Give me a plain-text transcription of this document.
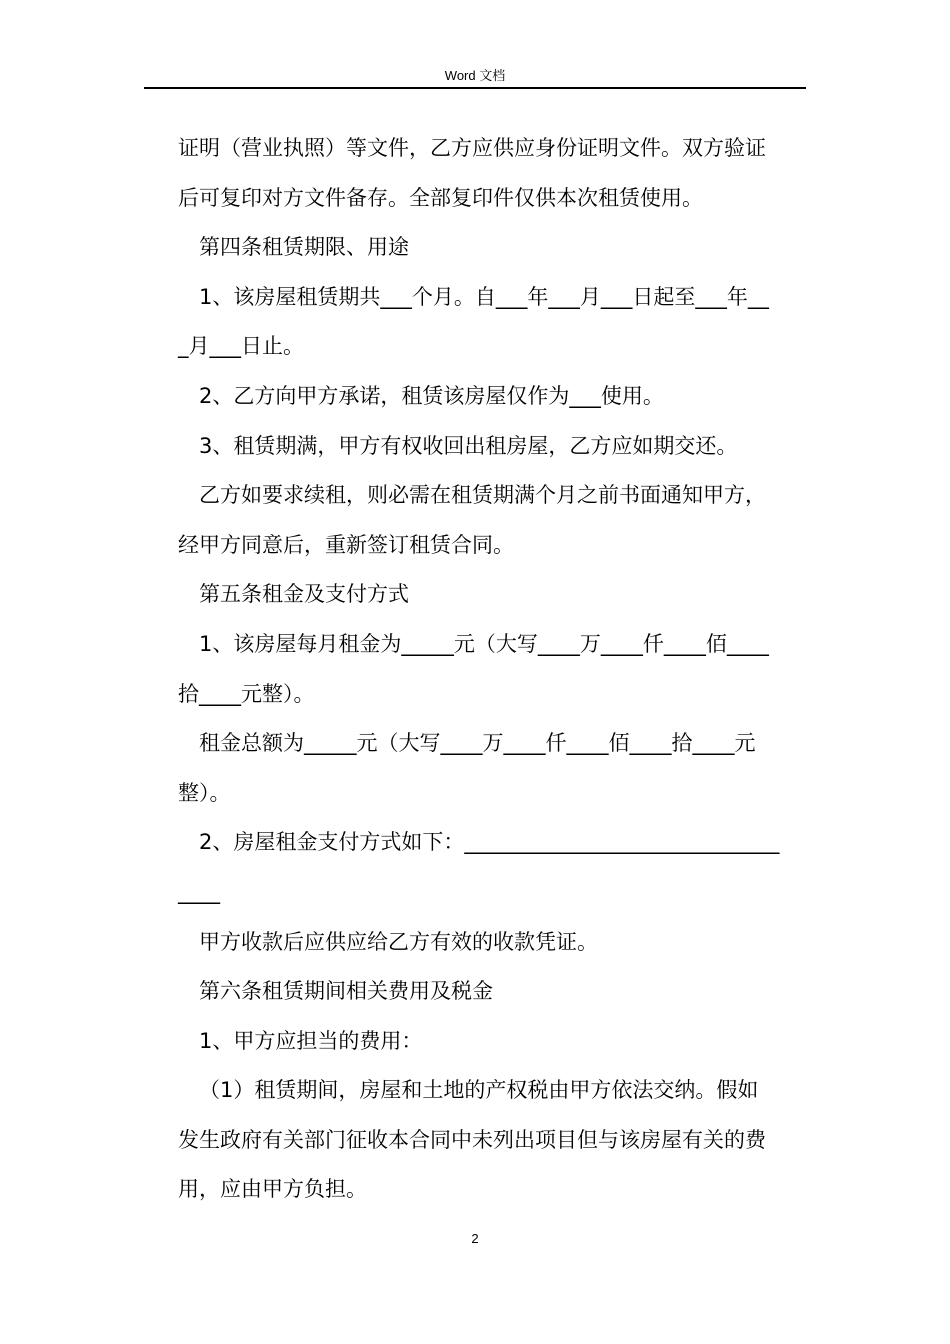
Word 文档
证明（营业执照）等文件，乙方应供应身份证明文件。双方验证
后可复印对方文件备存。全部复印件仅供本次租赁使用。
第四条租赁期限、用途
1、该房屋租赁期共___个月。自___年___月___日起至___年__
_月___日止。
2、乙方向甲方承诺，租赁该房屋仅作为___使用。
3、租赁期满，甲方有权收回出租房屋，乙方应如期交还。
乙方如要求续租，则必需在租赁期满个月之前书面通知甲方，
经甲方同意后，重新签订租赁合同。
第五条租金及支付方式
1、该房屋每月租金为_____元（大写____万____仟____佰____
拾____元整）。
租金总额为_____元（大写____万____仟____佰____拾____元
整）。
2、房屋租金支付方式如下：______________________________
____
甲方收款后应供应给乙方有效的收款凭证。
第六条租赁期间相关费用及税金
1、甲方应担当的费用：
（1）租赁期间，房屋和土地的产权税由甲方依法交纳。假如
发生政府有关部门征收本合同中未列出项目但与该房屋有关的费
用，应由甲方负担。
2
